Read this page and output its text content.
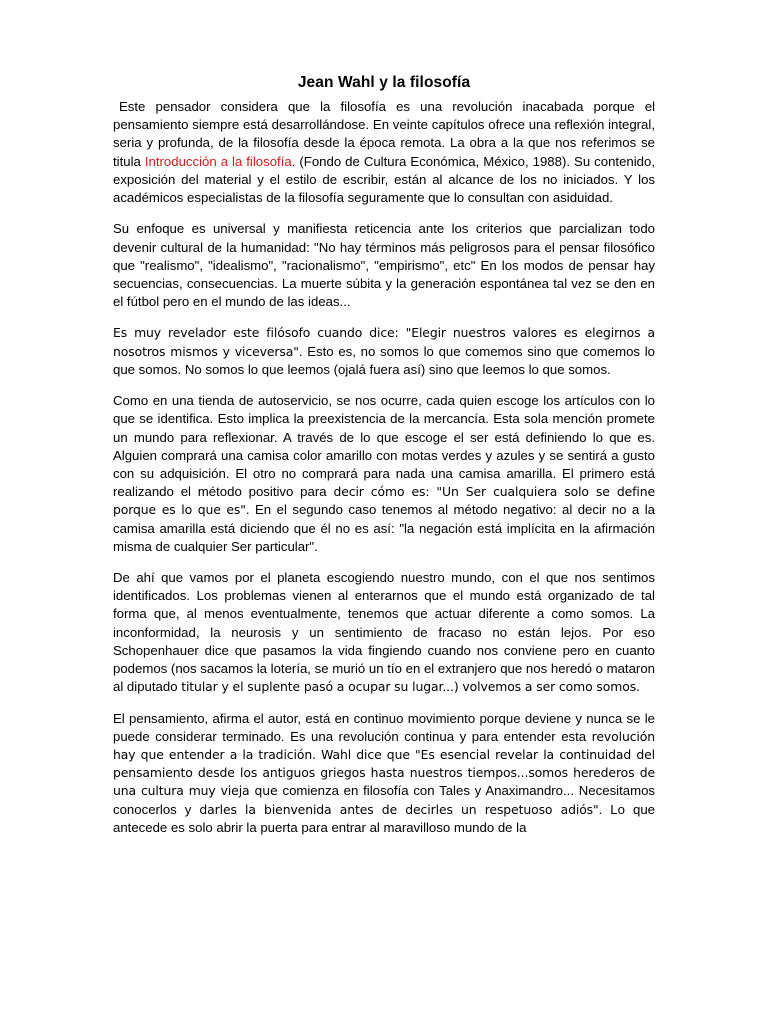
Jean Wahl y la filosofía

Este pensador considera que la filosofía es una revolución inacabada porque el pensamiento siempre está desarrollándose. En veinte capítulos ofrece una reflexión integral, seria y profunda, de la filosofía desde la época remota. La obra a la que nos referimos se titula Introducción a la filosofía. (Fondo de Cultura Económica, México, 1988). Su contenido, exposición del material y el estilo de escribir, están al alcance de los no iniciados. Y los académicos especialistas de la filosofía seguramente que lo consultan con asiduidad.

Su enfoque es universal y manifiesta reticencia ante los criterios que parcializan todo devenir cultural de la humanidad: "No hay términos más peligrosos para el pensar filosófico que "realismo", "idealismo", "racionalismo", "empirismo", etc" En los modos de pensar hay secuencias, consecuencias. La muerte súbita y la generación espontánea tal vez se den en el fútbol pero en el mundo de las ideas...

Es muy revelador este filósofo cuando dice: "Elegir nuestros valores es elegirnos a nosotros mismos y viceversa". Esto es, no somos lo que comemos sino que comemos lo que somos. No somos lo que leemos (ojalá fuera así) sino que leemos lo que somos.

Como en una tienda de autoservicio, se nos ocurre, cada quien escoge los artículos con lo que se identifica. Esto implica la preexistencia de la mercancía. Esta sola mención promete un mundo para reflexionar. A través de lo que escoge el ser está definiendo lo que es. Alguien comprará una camisa color amarillo con motas verdes y azules y se sentirá a gusto con su adquisición. El otro no comprará para nada una camisa amarilla. El primero está realizando el método positivo para decir cómo es: "Un Ser cualquiera solo se define porque es lo que es". En el segundo caso tenemos al método negativo: al decir no a la camisa amarilla está diciendo que él no es así: "la negación está implícita en la afirmación misma de cualquier Ser particular".

De ahí que vamos por el planeta escogiendo nuestro mundo, con el que nos sentimos identificados. Los problemas vienen al enterarnos que el mundo está organizado de tal forma que, al menos eventualmente, tenemos que actuar diferente a como somos. La inconformidad, la neurosis y un sentimiento de fracaso no están lejos. Por eso Schopenhauer dice que pasamos la vida fingiendo cuando nos conviene pero en cuanto podemos (nos sacamos la lotería, se murió un tío en el extranjero que nos heredó o mataron al diputado titular y el suplente pasó a ocupar su lugar...) volvemos a ser como somos.

El pensamiento, afirma el autor, está en continuo movimiento porque deviene y nunca se le puede considerar terminado. Es una revolución continua y para entender esta revolución hay que entender a la tradición. Wahl dice que "Es esencial revelar la continuidad del pensamiento desde los antiguos griegos hasta nuestros tiempos...somos herederos de una cultura muy vieja que comienza en filosofía con Tales y Anaximandro... Necesitamos conocerlos y darles la bienvenida antes de decirles un respetuoso adiós". Lo que antecede es solo abrir la puerta para entrar al maravilloso mundo de la
